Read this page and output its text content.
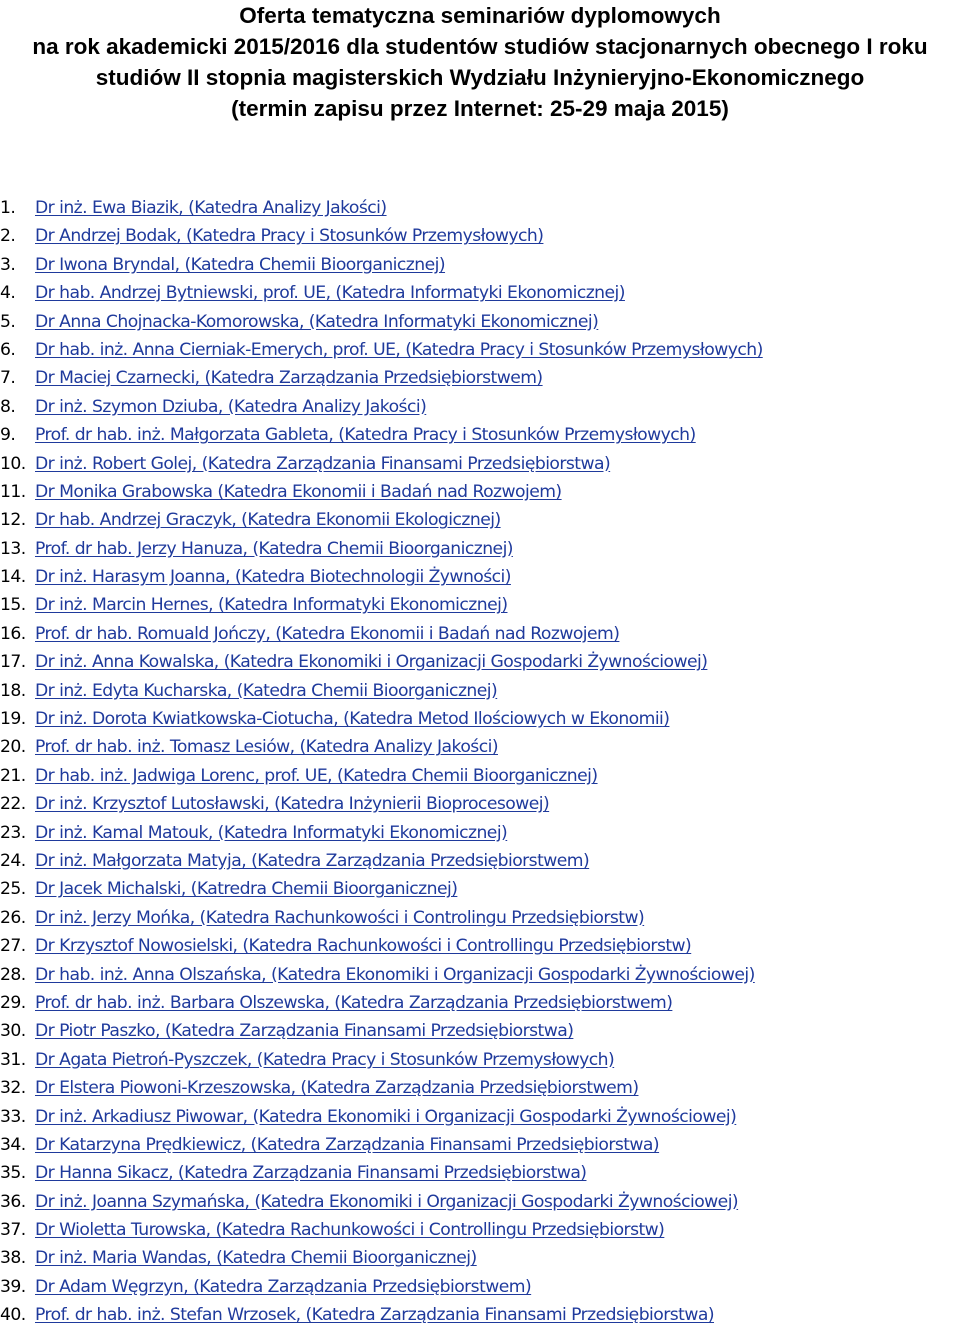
Oferta tematyczna seminariów dyplomowych
na rok akademicki 2015/2016 dla studentów studiów stacjonarnych obecnego I roku
studiów II stopnia magisterskich Wydziału Inżynieryjno-Ekonomicznego
(termin zapisu przez Internet: 25-29 maja 2015)
1. Dr inż. Ewa Biazik, (Katedra Analizy Jakości)
2. Dr Andrzej Bodak, (Katedra Pracy i Stosunków Przemysłowych)
3. Dr Iwona Bryndal, (Katedra Chemii Bioorganicznej)
4. Dr hab. Andrzej Bytniewski, prof. UE, (Katedra Informatyki Ekonomicznej)
5. Dr Anna Chojnacka-Komorowska, (Katedra Informatyki Ekonomicznej)
6. Dr hab. inż. Anna Cierniak-Emerych, prof. UE, (Katedra Pracy i Stosunków Przemysłowych)
7. Dr Maciej Czarnecki, (Katedra Zarządzania Przedsiębiorstwem)
8. Dr inż. Szymon Dziuba, (Katedra Analizy Jakości)
9. Prof. dr hab. inż. Małgorzata Gableta, (Katedra Pracy i Stosunków Przemysłowych)
10. Dr inż. Robert Golej, (Katedra Zarządzania Finansami Przedsiębiorstwa)
11. Dr Monika Grabowska (Katedra Ekonomii i Badań nad Rozwojem)
12. Dr hab. Andrzej Graczyk, (Katedra Ekonomii Ekologicznej)
13. Prof. dr hab. Jerzy Hanuza, (Katedra Chemii Bioorganicznej)
14. Dr inż. Harasym Joanna, (Katedra Biotechnologii Żywności)
15. Dr inż. Marcin Hernes, (Katedra Informatyki Ekonomicznej)
16. Prof. dr hab. Romuald Jończy, (Katedra Ekonomii i Badań nad Rozwojem)
17. Dr inż. Anna Kowalska, (Katedra Ekonomiki i Organizacji Gospodarki Żywnościowej)
18. Dr inż. Edyta Kucharska, (Katedra Chemii Bioorganicznej)
19. Dr inż. Dorota Kwiatkowska-Ciotucha, (Katedra Metod Ilościowych w Ekonomii)
20. Prof. dr hab. inż. Tomasz Lesiów, (Katedra Analizy Jakości)
21. Dr hab. inż. Jadwiga Lorenc, prof. UE, (Katedra Chemii Bioorganicznej)
22. Dr inż. Krzysztof Lutosławski, (Katedra Inżynierii Bioprocesowej)
23. Dr inż. Kamal Matouk, (Katedra Informatyki Ekonomicznej)
24. Dr inż. Małgorzata Matyja, (Katedra Zarządzania Przedsiębiorstwem)
25. Dr Jacek Michalski, (Katredra Chemii Bioorganicznej)
26. Dr inż. Jerzy Mońka, (Katedra Rachunkowości i Controlingu Przedsiębiorstw)
27. Dr Krzysztof Nowosielski, (Katedra Rachunkowości i Controllingu Przedsiębiorstw)
28. Dr hab. inż. Anna Olszańska, (Katedra Ekonomiki i Organizacji Gospodarki Żywnościowej)
29. Prof. dr hab. inż. Barbara Olszewska, (Katedra Zarządzania Przedsiębiorstwem)
30. Dr Piotr Paszko, (Katedra Zarządzania Finansami Przedsiębiorstwa)
31. Dr Agata Pietroń-Pyszczek, (Katedra Pracy i Stosunków Przemysłowych)
32. Dr Elstera Piowoni-Krzeszowska, (Katedra Zarządzania Przedsiębiorstwem)
33. Dr inż. Arkadiusz Piwowar, (Katedra Ekonomiki i Organizacji Gospodarki Żywnościowej)
34. Dr Katarzyna Prędkiewicz, (Katedra Zarządzania Finansami Przedsiębiorstwa)
35. Dr Hanna Sikacz, (Katedra Zarządzania Finansami Przedsiębiorstwa)
36. Dr inż. Joanna Szymańska, (Katedra Ekonomiki i Organizacji Gospodarki Żywnościowej)
37. Dr Wioletta Turowska, (Katedra Rachunkowości i Controllingu Przedsiębiorstw)
38. Dr inż. Maria Wandas, (Katedra Chemii Bioorganicznej)
39. Dr Adam Węgrzyn, (Katedra Zarządzania Przedsiębiorstwem)
40. Prof. dr hab. inż. Stefan Wrzosek, (Katedra Zarządzania Finansami Przedsiębiorstwa)
